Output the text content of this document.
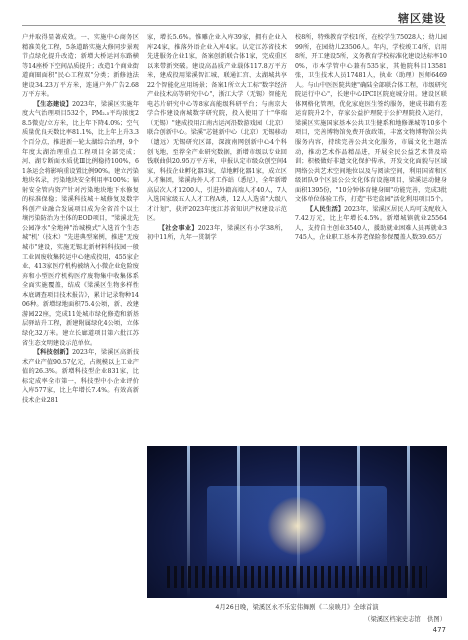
辖区建设

户并取得显著成效。一、实施中心商务区精准美化工程，5条道路实施大修同步景观节点绿化提升改造；新增大桥运河东路横等14座桥下空间品质提升；改造1个商业街道商圈面积"民心工程双"分类；新修池法建设34.23万平方米，连通户外广告2.68万平方米。

【生态建设】2023年，梁溪区实施年度大气治理项目532个，PM₂.₅平均浓度28.5微克/立方米，比上年下降4.0%；空气质量优良天数比率81.1%，比上年上升3.3个百分点，推进新一轮太湖综合治理，9个年度太湖治理重点工程项目全部完成；河、湖专断面水质优Ⅲ比例稳持100%，61条运会将影响重设置比例90%。建立污染地块名录，污染地块安全利用率100%；辐射安全管内资产针对污染地块地下水修复的标准保稳；梁溪科技城＋城修复及数字科创产业融合发展项目成为全省首个以土壤污染防治为主体的EOD项目，"梁溪北先公园净水"全地神"治城模式"入选首个生态城"机'（技术）"先进典型案例，推进"无废城市"建设，实施无锡北新材料科技园一般工业固废收集转运中心建成投用，455家企业、413家医疗机构被纳入小微企业危险废弃和小型医疗机构医疗废物集中收集体系全面实施覆盖，结成《梁溪区生物多样性本底调查项目技术报告》，累计记录物种1406种。新增绿地面积75.4公顷，新、改建游园22座，完成11处城市绿化修造和新基层驿站升工程，新建附属绿化4公顷，立体绿化32万米。建立长廊道项目第六批江苏省生态文明建设示范单位。

【科技创新】2023年，梁溪区高新技术产业产值90.57亿元，占规模以上工业产值的26.3%。新增科技型企业831家，比标定成率全市第一，科技型中小企业评价入库577家，比上年增长7.4%。有效高新技术企业281

家，增长5.6%。惟雕企业入库39家，拥有企业入库24家，推落外语企业入库4家。认定江苏省技术先进服务企业1家，备案创新联合体1家，完成重区以来带新突破。建设高品质产业载体117.8万平方米，建成投用梁溪智汇城、联通汇宫、太湖城共享22个智能化应用场景；备案1所立大工标"数字经济产业技术高等研究中心"，浙江大学（无锡）智能光电芯片研究中心等8家高能级科研平台；与南京大学合作建设南城数字研究院，投入使用了十"华瑞（无锡）"建成投用江南古运河沿数游戏园（北京）联合创新中心。梁溪"芯链新中心（北京）无锡移动（遗远）无锡研究区部，深渡南网创新中心4个科创飞地，至荐全产业研究数据，新增市级以专业回钱联曲供20.95万平方米，申报认定市级众创空间4家，科技企业孵化器3家，草地孵化器1家，成立区人才集团，梁溪海外人才工作站（悉尼），全年新增高层次人才1200人，引进外籍高端人才40人，7人入选国家级五人人才工程A类，12人人选省"大级八才计划"，获评2023年度江苏省知识产权建设示范区。

【社会事业】2023年，梁溪区有小学38所，初中11所，九年一贯制学

校8所，特殊教育学校1所，在校学生75028人；幼儿园99所，在园幼儿23506人。年内，学校竣工4所，启用8所，开工建设5所，义务教育学校标准化建设达标率100%，市本学管中心兼有535家，其他院科目13581张，卫生技术人员17481人，执业（助理）医师6469人。与山中医医院共建"确陆全部联合体工程，市级研究院运行中心"，长建中心IPCI区院庭城分用。建设区联体网格化管理，优化家庭医生签约服务，建成书籍有差运育院升2个，存家公益护理院于公护理院投入运行，梁溪区实施国家基本公共卫生健系和地修课城等10多个项目，完善博物馆免费开放政策，丰富文物博物馆公共服务内容，持续完善公共文化服务，市属文化主题活动，推动艺术作品精品进，开展全民公益艺术普及培训；积极做好非遗文化保护传承，开发文化面貌与区域网络公共艺术空间地位以及与阅读空间，利用国省和区级团队9个区县公公文化体育设施项目，梁溪运动健身面积1395份，"10分钟体育健身圈"功能完善，完成3批文体单位体验工作，打造"书宅盒园"活化利用项目5个。

【人民生活】2023年，梁溪区居民人均可支配收入7.42万元，比上年增长4.5%。新增城镇就业25564人，支持自主创业3540人，援助就业困难人员再就业3745人，企业职工基本养老保险参保覆盖人数39.65万

4月26日晚，梁溪区永不乐宏伟舞剧《二泉映月》全球首演
（梁溪区档案史志馆　供图）
477
